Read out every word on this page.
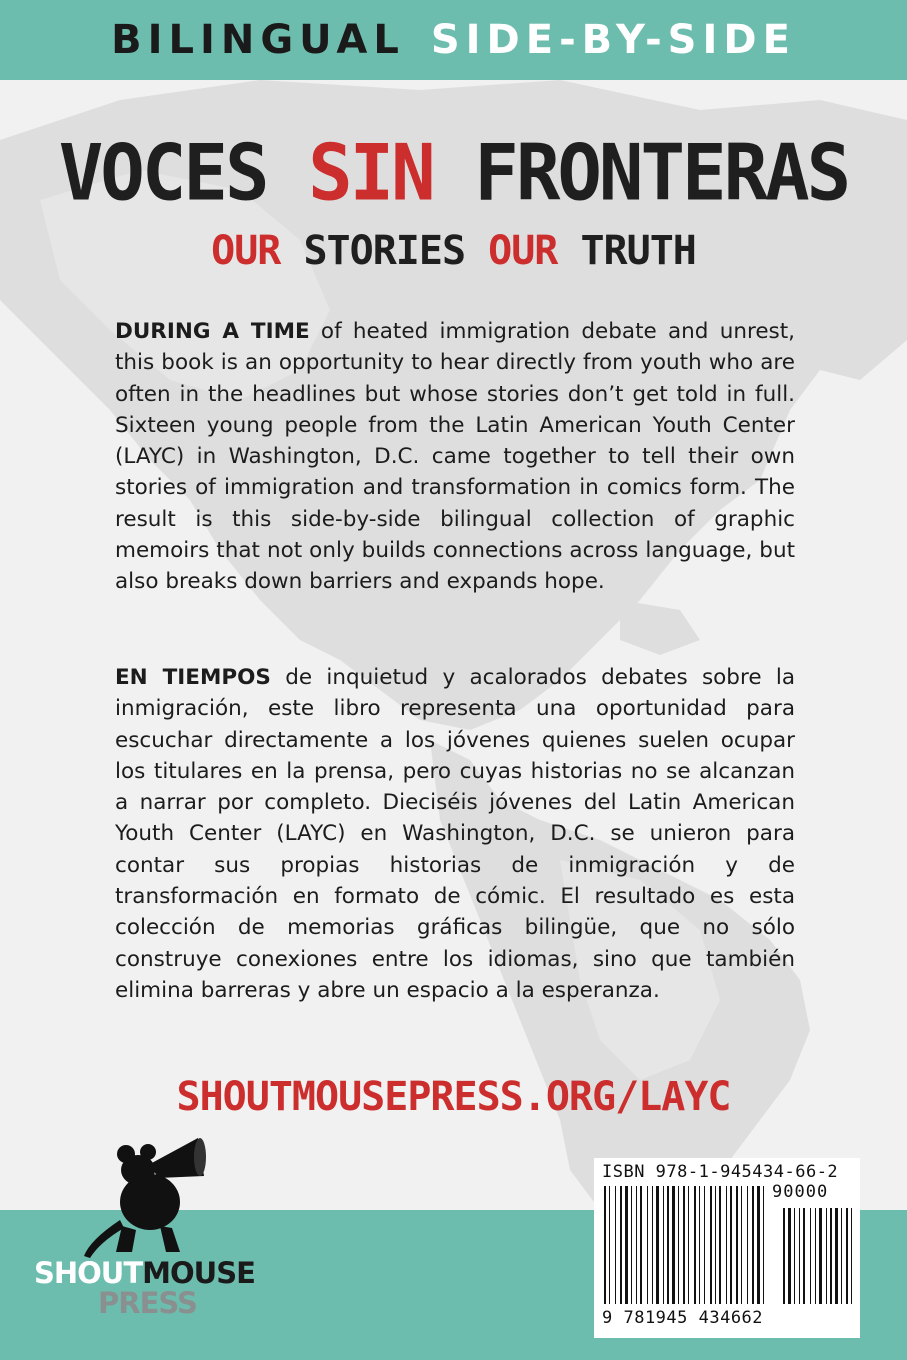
BILINGUAL SIDE-BY-SIDE
VOCES SIN FRONTERAS
OUR STORIES OUR TRUTH

DURING A TIME of heated immigration debate and unrest, this book is an opportunity to hear directly from youth who are often in the headlines but whose stories don’t get told in full. Sixteen young people from the Latin American Youth Center (LAYC) in Washington, D.C. came together to tell their own stories of immigration and transformation in comics form. The result is this side-by-side bilingual collection of graphic memoirs that not only builds connections across language, but also breaks down barriers and expands hope.

EN TIEMPOS de inquietud y acalorados debates sobre la inmigración, este libro representa una oportunidad para escuchar directamente a los jóvenes quienes suelen ocupar los titulares en la prensa, pero cuyas historias no se alcanzan a narrar por completo. Dieciséis jóvenes del Latin American Youth Center (LAYC) en Washington, D.C. se unieron para contar sus propias historias de inmigración y de transformación en formato de cómic. El resultado es esta colección de memorias gráficas bilingüe, que no sólo construye conexiones entre los idiomas, sino que también elimina barreras y abre un espacio a la esperanza.

SHOUTMOUSEPRESS.ORG/LAYC
SHOUTMOUSE
PRESS
ISBN 978-1-945434-66-2
90000
9 781945 434662
